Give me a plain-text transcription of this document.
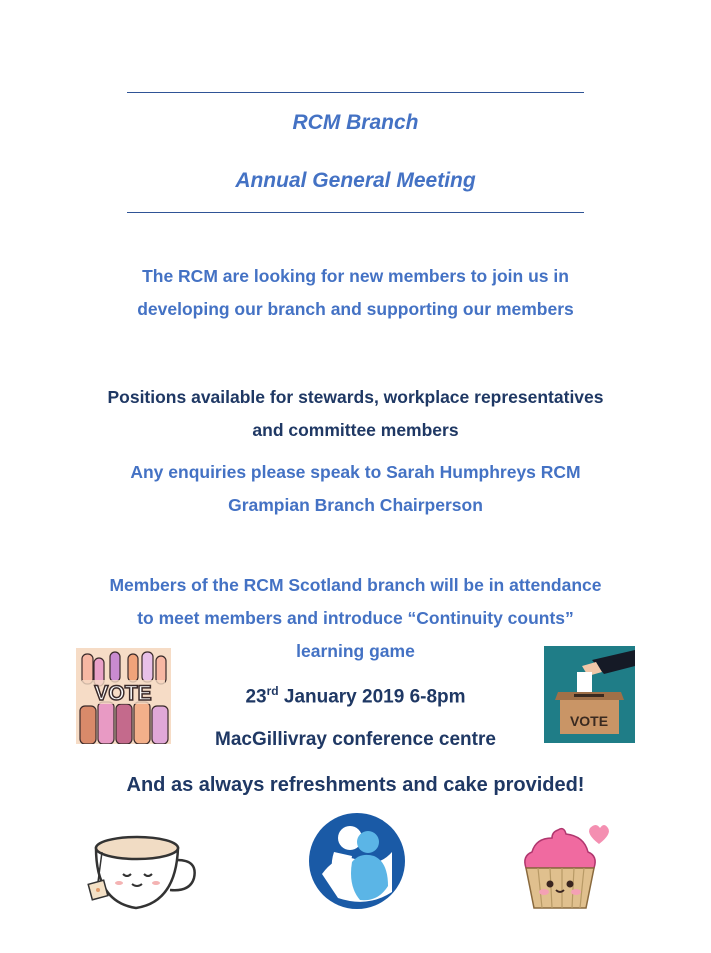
RCM Branch
Annual General Meeting
The RCM are looking for new members to join us in
developing our branch and supporting our members
Positions available for stewards, workplace representatives
and committee members
Any enquiries please speak to Sarah Humphreys RCM
Grampian Branch Chairperson
Members of the RCM Scotland branch will be in attendance
to meet members and introduce “Continuity counts”
learning game
VOTE
VOTE
23rd January 2019 6-8pm
MacGillivray conference centre
And as always refreshments and cake provided!
